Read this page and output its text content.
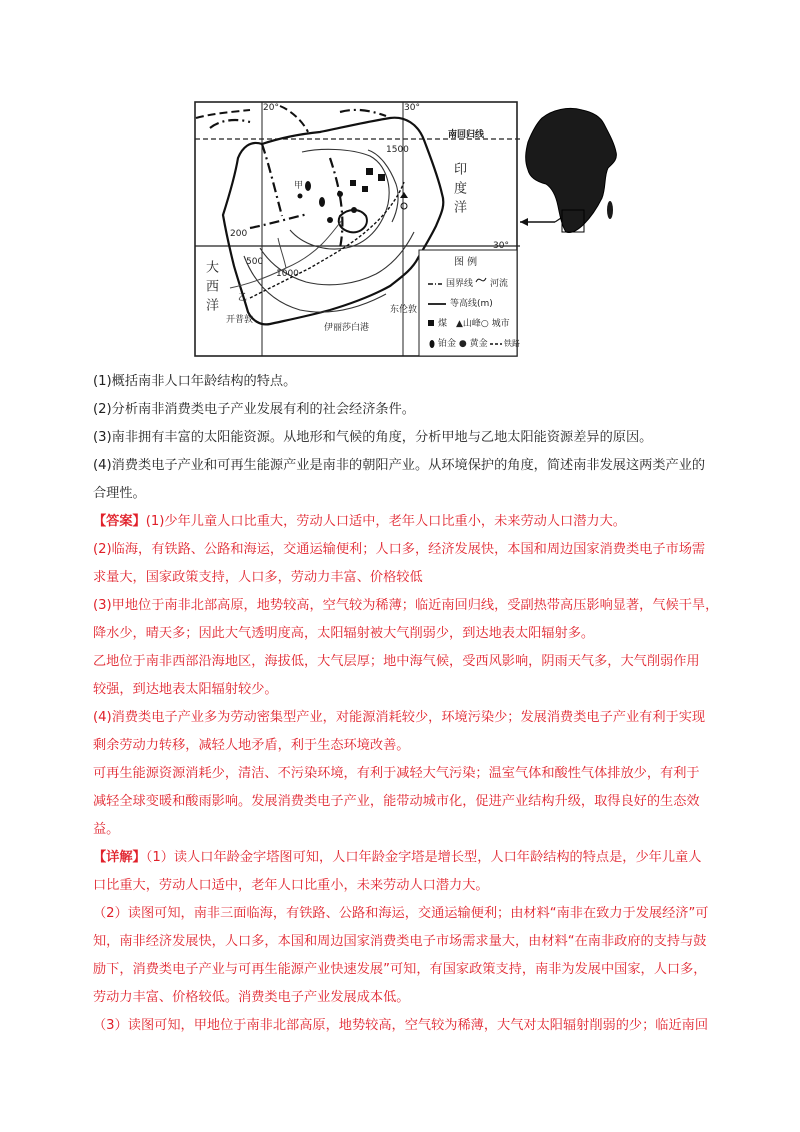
20°	30°
南回归线
30°
印度洋
大西洋
1500
200
500
1000
甲
乙
伊丽莎白港
东伦敦
开普敦
图 例
国界线 河流
等高线(m)
煤 ▲山峰○ 城市
铂金 ● 黄金 铁路
(1)概括南非人口年龄结构的特点。
(2)分析南非消费类电子产业发展有利的社会经济条件。
(3)南非拥有丰富的太阳能资源。从地形和气候的角度，分析甲地与乙地太阳能资源差异的原因。
(4)消费类电子产业和可再生能源产业是南非的朝阳产业。从环境保护的角度，简述南非发展这两类产业的
合理性。
【答案】(1)少年儿童人口比重大，劳动人口适中，老年人口比重小，未来劳动人口潜力大。
(2)临海，有铁路、公路和海运，交通运输便利；人口多，经济发展快，本国和周边国家消费类电子市场需
求量大，国家政策支持，人口多，劳动力丰富、价格较低
(3)甲地位于南非北部高原，地势较高，空气较为稀薄；临近南回归线，受副热带高压影响显著，气候干旱，
降水少，晴天多；因此大气透明度高，太阳辐射被大气削弱少，到达地表太阳辐射多。
乙地位于南非西部沿海地区，海拔低，大气层厚；地中海气候，受西风影响，阴雨天气多，大气削弱作用
较强，到达地表太阳辐射较少。
(4)消费类电子产业多为劳动密集型产业，对能源消耗较少，环境污染少；发展消费类电子产业有利于实现
剩余劳动力转移，减轻人地矛盾，利于生态环境改善。
可再生能源资源消耗少，清洁、不污染环境，有利于减轻大气污染；温室气体和酸性气体排放少，有利于
减轻全球变暖和酸雨影响。发展消费类电子产业，能带动城市化，促进产业结构升级，取得良好的生态效
益。
【详解】（1）读人口年龄金字塔图可知，人口年龄金字塔是增长型，人口年龄结构的特点是，少年儿童人
口比重大，劳动人口适中，老年人口比重小，未来劳动人口潜力大。
（2）读图可知，南非三面临海，有铁路、公路和海运，交通运输便利；由材料“南非在致力于发展经济”可
知，南非经济发展快，人口多，本国和周边国家消费类电子市场需求量大，由材料“在南非政府的支持与鼓
励下，消费类电子产业与可再生能源产业快速发展”可知，有国家政策支持，南非为发展中国家，人口多，
劳动力丰富、价格较低。消费类电子产业发展成本低。
（3）读图可知，甲地位于南非北部高原，地势较高，空气较为稀薄，大气对太阳辐射削弱的少；临近南回
